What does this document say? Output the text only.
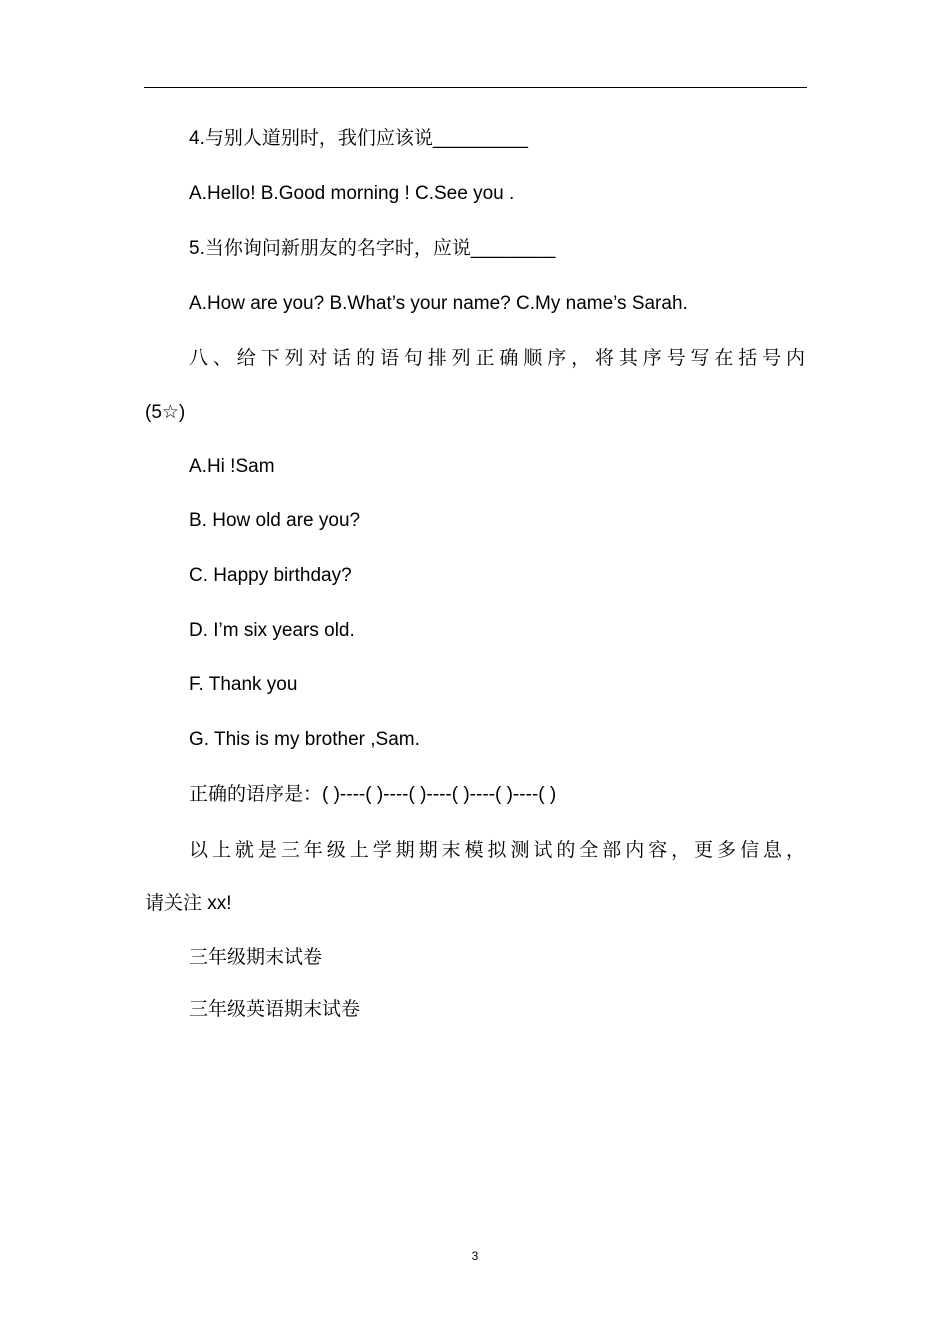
4.与别人道别时，我们应该说_________
A.Hello! B.Good morning ! C.See you .
5.当你询问新朋友的名字时，应说________
A.How are you? B.What’s your name? C.My name’s Sarah.
八、给下列对话的语句排列正确顺序，将其序号写在括号内
(5☆)
A.Hi !Sam
B. How old are you?
C. Happy birthday?
D. I’m six years old.
F. Thank you
G. This is my brother ,Sam.
正确的语序是：( )----( )----( )----( )----( )----( )
以上就是三年级上学期期末模拟测试的全部内容，更多信息，
请关注 xx!
三年级期末试卷
三年级英语期末试卷
3
